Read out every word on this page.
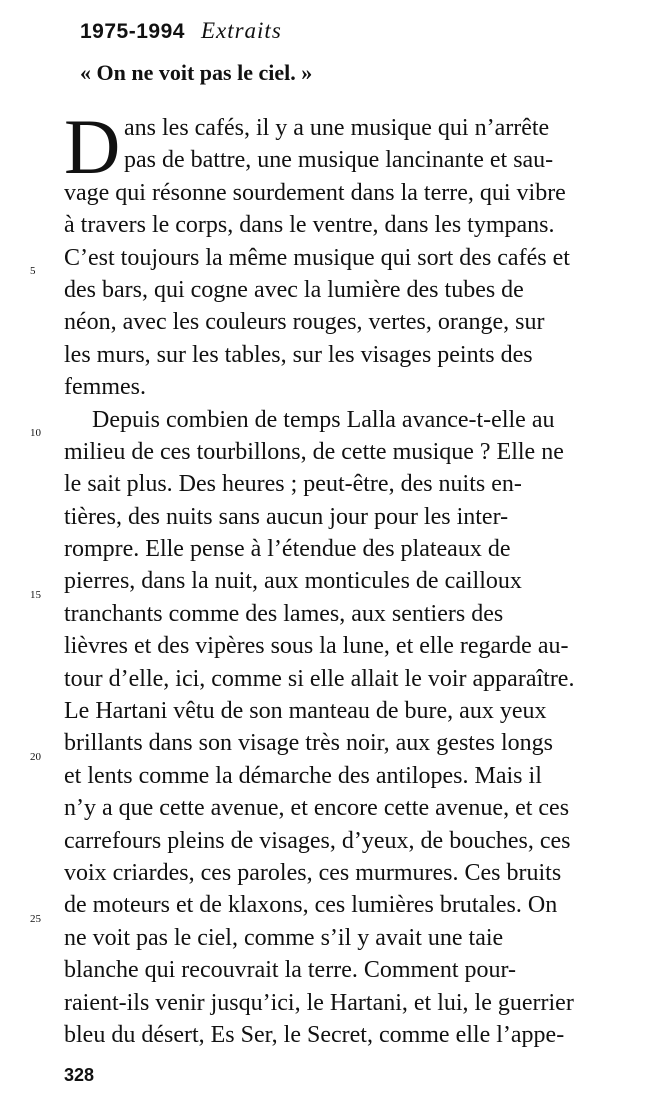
1975-1994 Extraits
« On ne voit pas le ciel. »
D ans les cafés, il y a une musique qui n’arrête
pas de battre, une musique lancinante et sau-
vage qui résonne sourdement dans la terre, qui vibre
à travers le corps, dans le ventre, dans les tympans.
C’est toujours la même musique qui sort des cafés et
des bars, qui cogne avec la lumière des tubes de
néon, avec les couleurs rouges, vertes, orange, sur
les murs, sur les tables, sur les visages peints des
femmes.
Depuis combien de temps Lalla avance-t-elle au
milieu de ces tourbillons, de cette musique ? Elle ne
le sait plus. Des heures ; peut-être, des nuits en-
tières, des nuits sans aucun jour pour les inter-
rompre. Elle pense à l’étendue des plateaux de
pierres, dans la nuit, aux monticules de cailloux
tranchants comme des lames, aux sentiers des
lièvres et des vipères sous la lune, et elle regarde au-
tour d’elle, ici, comme si elle allait le voir apparaître.
Le Hartani vêtu de son manteau de bure, aux yeux
brillants dans son visage très noir, aux gestes longs
et lents comme la démarche des antilopes. Mais il
n’y a que cette avenue, et encore cette avenue, et ces
carrefours pleins de visages, d’yeux, de bouches, ces
voix criardes, ces paroles, ces murmures. Ces bruits
de moteurs et de klaxons, ces lumières brutales. On
ne voit pas le ciel, comme s’il y avait une taie
blanche qui recouvrait la terre. Comment pour-
raient-ils venir jusqu’ici, le Hartani, et lui, le guerrier
bleu du désert, Es Ser, le Secret, comme elle l’appe-
5
10
15
20
25
328
